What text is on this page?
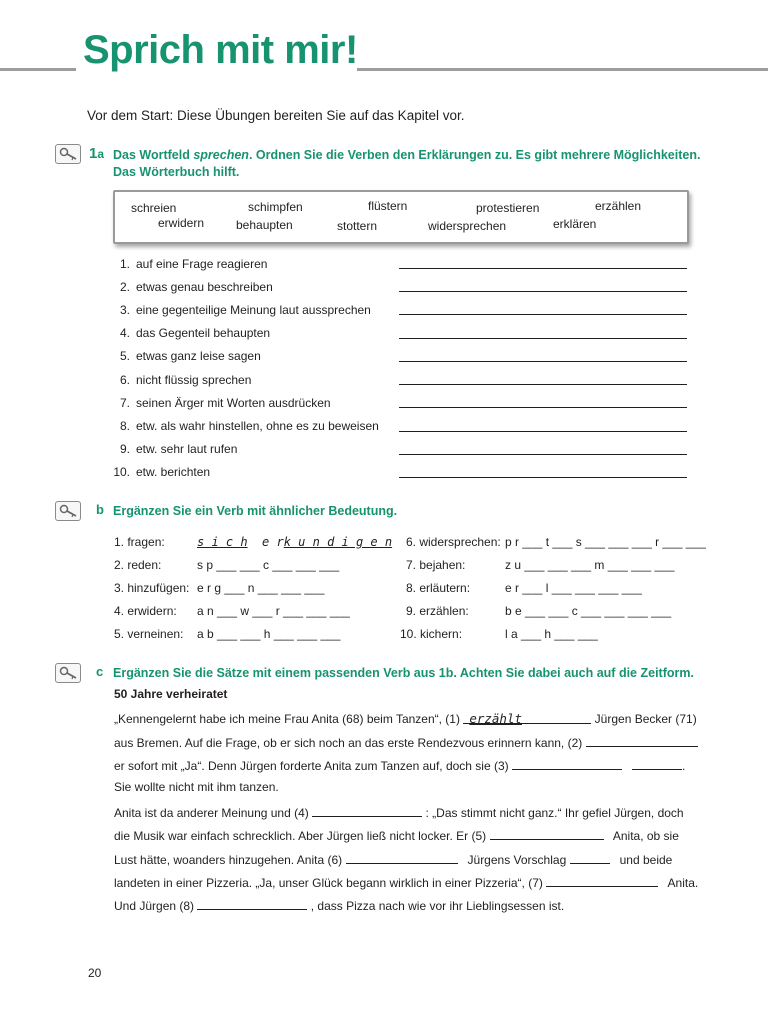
Sprich mit mir!
Vor dem Start: Diese Übungen bereiten Sie auf das Kapitel vor.
1a Das Wortfeld sprechen. Ordnen Sie die Verben den Erklärungen zu. Es gibt mehrere Möglichkeiten.
Das Wörterbuch hilft.
schreien	schimpfen	flüstern	protestieren	erzählen
erwidern	behaupten	stottern	widersprechen	erklären
1. auf eine Frage reagieren
2. etwas genau beschreiben
3. eine gegenteilige Meinung laut aussprechen
4. das Gegenteil behaupten
5. etwas ganz leise sagen
6. nicht flüssig sprechen
7. seinen Ärger mit Worten ausdrücken
8. etw. als wahr hinstellen, ohne es zu beweisen
9. etw. sehr laut rufen
10. etw. berichten
b Ergänzen Sie ein Verb mit ähnlicher Bedeutung.
1. fragen:	s i c h e rk u n d i g e n
2. reden:	s p ___ ___ c ___ ___ ___
3. hinzufügen: e r g ___ n ___ ___ ___
4. erwidern: a n ___ w ___ r ___ ___ ___
5. verneinen: a b ___ ___ h ___ ___ ___
6. widersprechen: p r ___ t ___ s ___ ___ ___ r ___ ___
7. bejahen:	z u ___ ___ ___ m ___ ___ ___
8. erläutern:	e r ___ l ___ ___ ___ ___
9. erzählen:	b e ___ ___ c ___ ___ ___ ___
10. kichern:	l a ___ h ___ ___
c Ergänzen Sie die Sätze mit einem passenden Verb aus 1b. Achten Sie dabei auch auf die Zeitform.
50 Jahre verheiratet
„Kennengelernt habe ich meine Frau Anita (68) beim Tanzen“, (1) erzählt	Jürgen Becker (71)
aus Bremen. Auf die Frage, ob er sich noch an das erste Rendezvous erinnern kann, (2)
er sofort mit „Ja“. Denn Jürgen forderte Anita zum Tanzen auf, doch sie (3)	.
Sie wollte nicht mit ihm tanzen.
Anita ist da anderer Meinung und (4)	: „Das stimmt nicht ganz.“ Ihr gefiel Jürgen, doch
die Musik war einfach schrecklich. Aber Jürgen ließ nicht locker. Er (5)	Anita, ob sie
Lust hätte, woanders hinzugehen. Anita (6)	Jürgens Vorschlag	und beide
landeten in einer Pizzeria. „Ja, unser Glück begann wirklich in einer Pizzeria“, (7)	Anita.
Und Jürgen (8)	, dass Pizza nach wie vor ihr Lieblingsessen ist.
20
